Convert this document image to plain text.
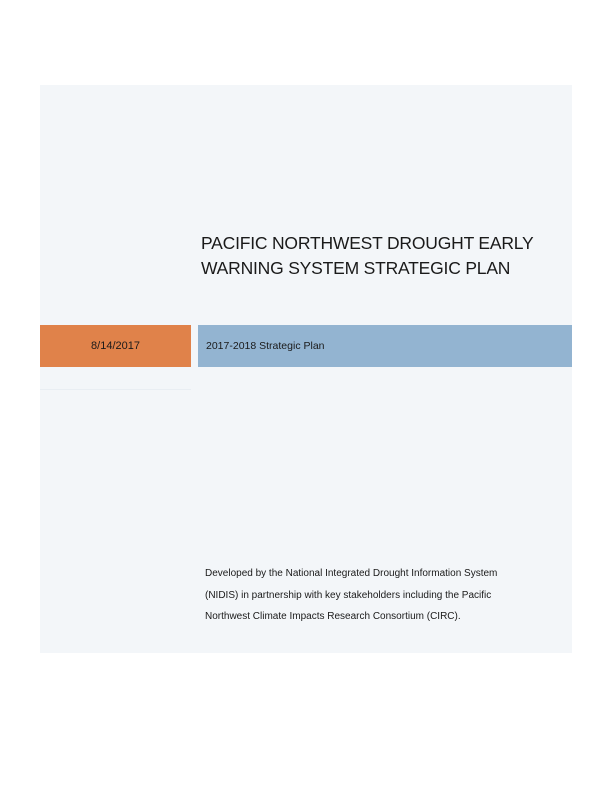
PACIFIC NORTHWEST DROUGHT EARLY
WARNING SYSTEM STRATEGIC PLAN
8/14/2017	2017-2018 Strategic Plan
Developed by the National Integrated Drought Information System
(NIDIS) in partnership with key stakeholders including the Pacific
Northwest Climate Impacts Research Consortium (CIRC).
